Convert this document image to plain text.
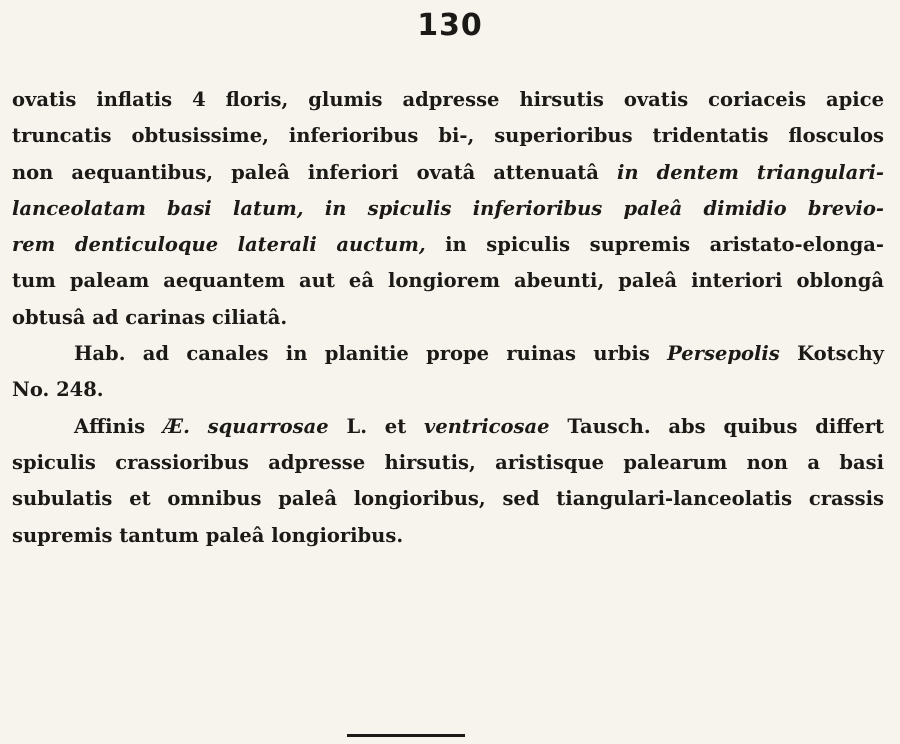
130
ovatis inflatis 4 floris, glumis adpresse hirsutis ovatis coriaceis apice
truncatis obtusissime, inferioribus bi-, superioribus tridentatis flosculos
non aequantibus, paleâ inferiori ovatâ attenuatâ in dentem triangulari-
lanceolatam basi latum, in spiculis inferioribus paleâ dimidio brevio-
rem denticuloque laterali auctum, in spiculis supremis aristato-elonga-
tum paleam aequantem aut eâ longiorem abeunti, paleâ interiori oblongâ
obtusâ ad carinas ciliatâ.
Hab. ad canales in planitie prope ruinas urbis Persepolis Kotschy
No. 248.
Affinis Æ. squarrosae L. et ventricosae Tausch. abs quibus differt
spiculis crassioribus adpresse hirsutis, aristisque palearum non a basi
subulatis et omnibus paleâ longioribus, sed tiangulari-lanceolatis crassis
supremis tantum paleâ longioribus.
